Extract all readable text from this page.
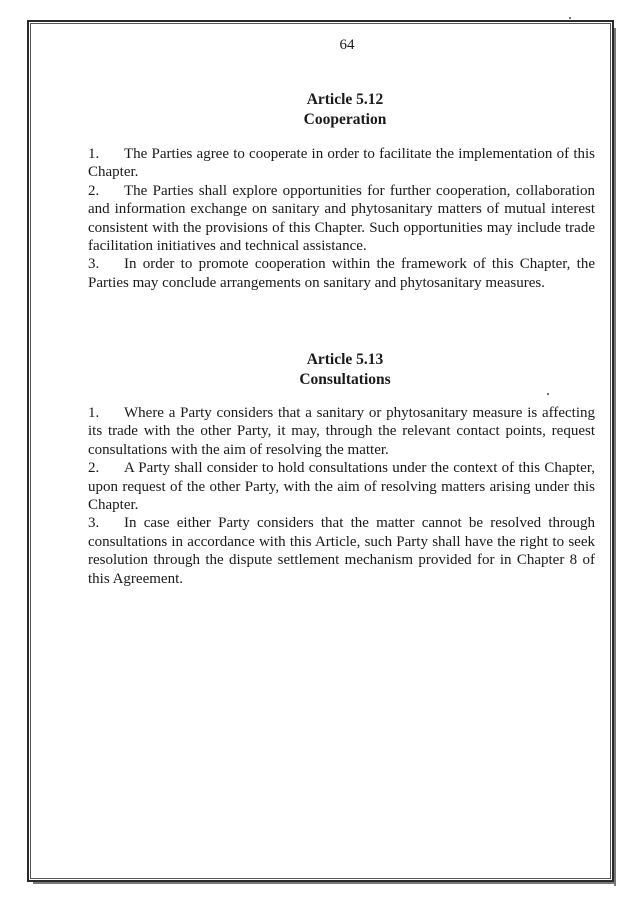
64
Article 5.12
Cooperation

1. The Parties agree to cooperate in order to facilitate the implementation of this Chapter.

2. The Parties shall explore opportunities for further cooperation, collaboration and information exchange on sanitary and phytosanitary matters of mutual interest consistent with the provisions of this Chapter. Such opportunities may include trade facilitation initiatives and technical assistance.

3. In order to promote cooperation within the framework of this Chapter, the Parties may conclude arrangements on sanitary and phytosanitary measures.

Article 5.13
Consultations

1. Where a Party considers that a sanitary or phytosanitary measure is affecting its trade with the other Party, it may, through the relevant contact points, request consultations with the aim of resolving the matter.

2. A Party shall consider to hold consultations under the context of this Chapter, upon request of the other Party, with the aim of resolving matters arising under this Chapter.

3. In case either Party considers that the matter cannot be resolved through consultations in accordance with this Article, such Party shall have the right to seek resolution through the dispute settlement mechanism provided for in Chapter 8 of this Agreement.
